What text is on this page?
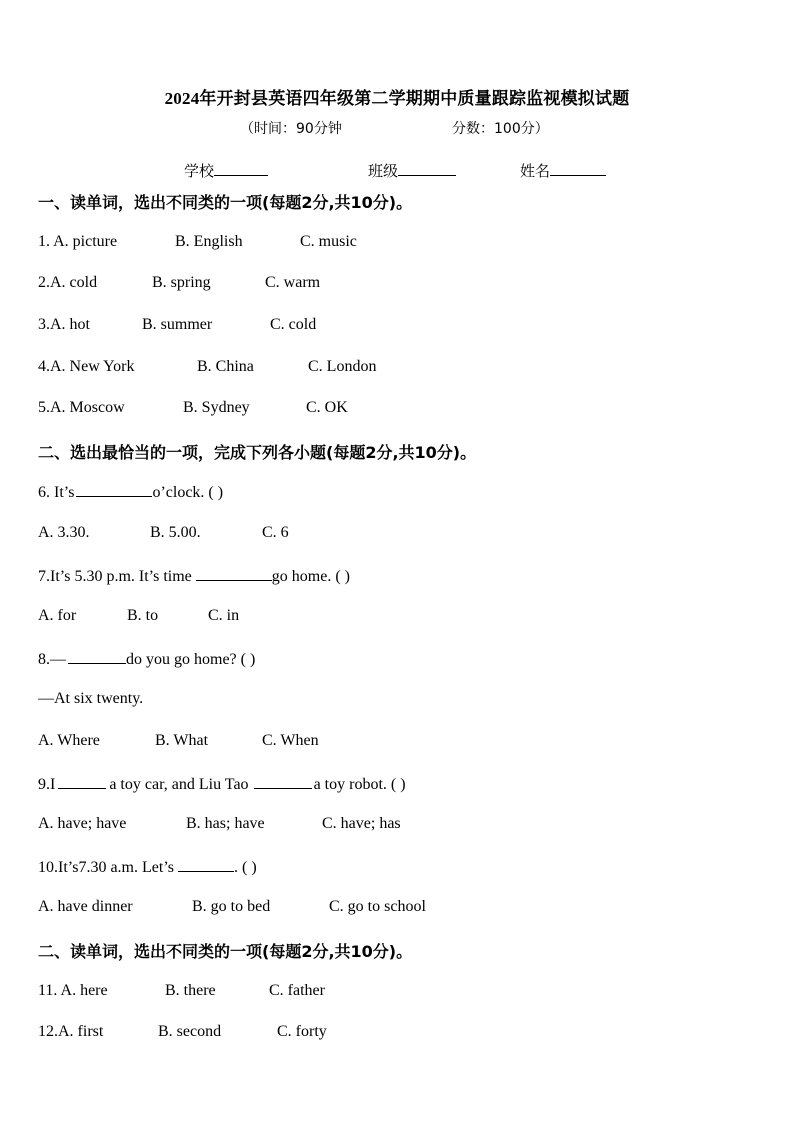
2024年开封县英语四年级第二学期期中质量跟踪监视模拟试题
（时间：90分钟	分数：100分）
学校	班级	姓名
一、读单词，选出不同类的一项(每题2分,共10分)。
1. A. picture	B. English	C. music
2.A. cold	B. spring	C. warm
3.A. hot	B. summer	C. cold
4.A. New York	B. China	C. London
5.A. Moscow	B. Sydney	C. OK
二、选出最恰当的一项，完成下列各小题(每题2分,共10分)。
6. It’s	o’clock. ( )
A. 3.30.	B. 5.00.	C. 6
7.It’s 5.30 p.m. It’s time	go home. ( )
A. for	B. to	C. in
8.—	do you go home? ( )
—At six twenty.
A. Where	B. What	C. When
9.I	a toy car, and Liu Tao	a toy robot. ( )
A. have; have	B. has; have	C. have; has
10.It’s7.30 a.m. Let’s	. ( )
A. have dinner	B. go to bed	C. go to school
二、读单词，选出不同类的一项(每题2分,共10分)。
11. A. here	B. there	C. father
12.A. first	B. second	C. forty
